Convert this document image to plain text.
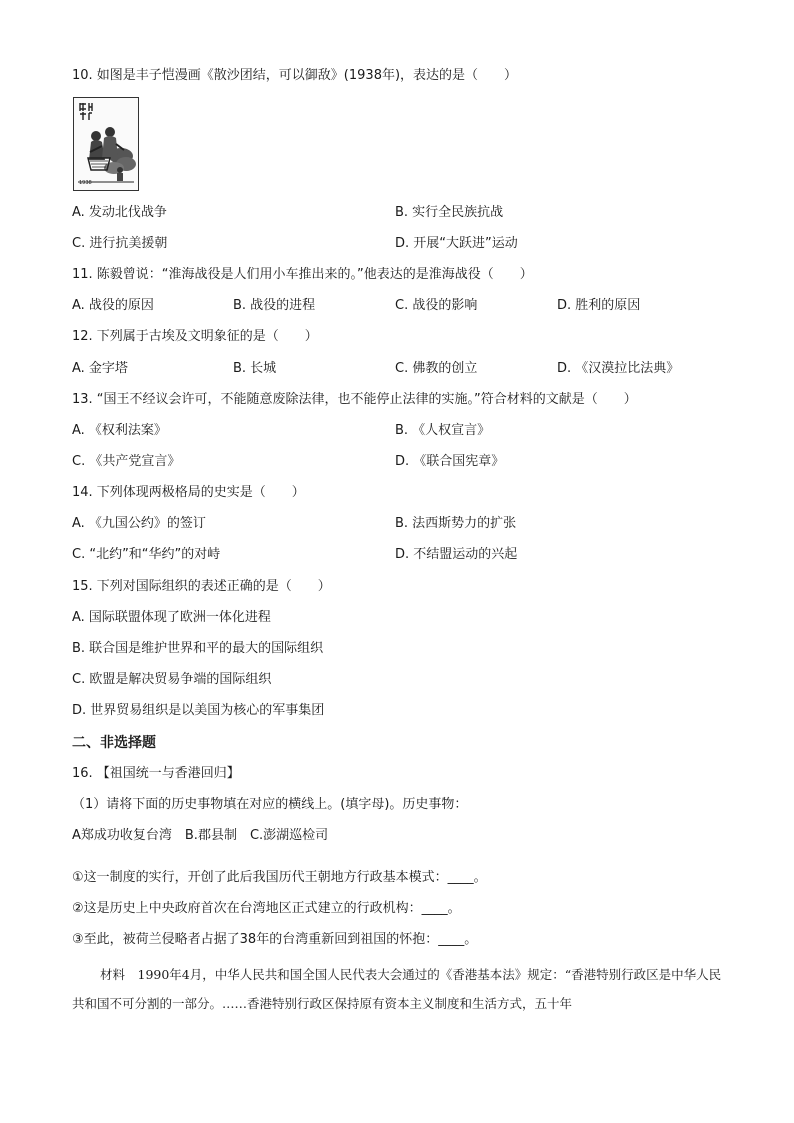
10. 如图是丰子恺漫画《散沙团结，可以御敌》(1938年)，表达的是（　　）
1938
A. 发动北伐战争	B. 实行全民族抗战
C. 进行抗美援朝	D. 开展“大跃进”运动
11. 陈毅曾说：“淮海战役是人们用小车推出来的。”他表达的是淮海战役（　　）
A. 战役的原因	B. 战役的进程	C. 战役的影响	D. 胜利的原因
12. 下列属于古埃及文明象征的是（　　）
A. 金字塔	B. 长城	C. 佛教的创立	D. 《汉漠拉比法典》
13. “国王不经议会许可，不能随意废除法律，也不能停止法律的实施。”符合材料的文献是（　　）
A. 《权利法案》	B. 《人权宣言》
C. 《共产党宣言》	D. 《联合国宪章》
14. 下列体现两极格局的史实是（　　）
A. 《九国公约》的签订	B. 法西斯势力的扩张
C. “北约”和“华约”的对峙	D. 不结盟运动的兴起
15. 下列对国际组织的表述正确的是（　　）
A. 国际联盟体现了欧洲一体化进程
B. 联合国是维护世界和平的最大的国际组织
C. 欧盟是解决贸易争端的国际组织
D. 世界贸易组织是以美国为核心的军事集团
二、非选择题
16. 【祖国统一与香港回归】
（1）请将下面的历史事物填在对应的横线上。(填字母)。历史事物：
A郑成功收复台湾　B.郡县制　C.澎湖巡检司
①这一制度的实行，开创了此后我国历代王朝地方行政基本模式：____。
②这是历史上中央政府首次在台湾地区正式建立的行政机构：____。
③至此，被荷兰侵略者占据了38年的台湾重新回到祖国的怀抱：____。
材料　1990年4月，中华人民共和国全国人民代表大会通过的《香港基本法》规定：“香港特别行政区是中华人民共和国不可分割的一部分。……香港特别行政区保持原有资本主义制度和生活方式，五十年
